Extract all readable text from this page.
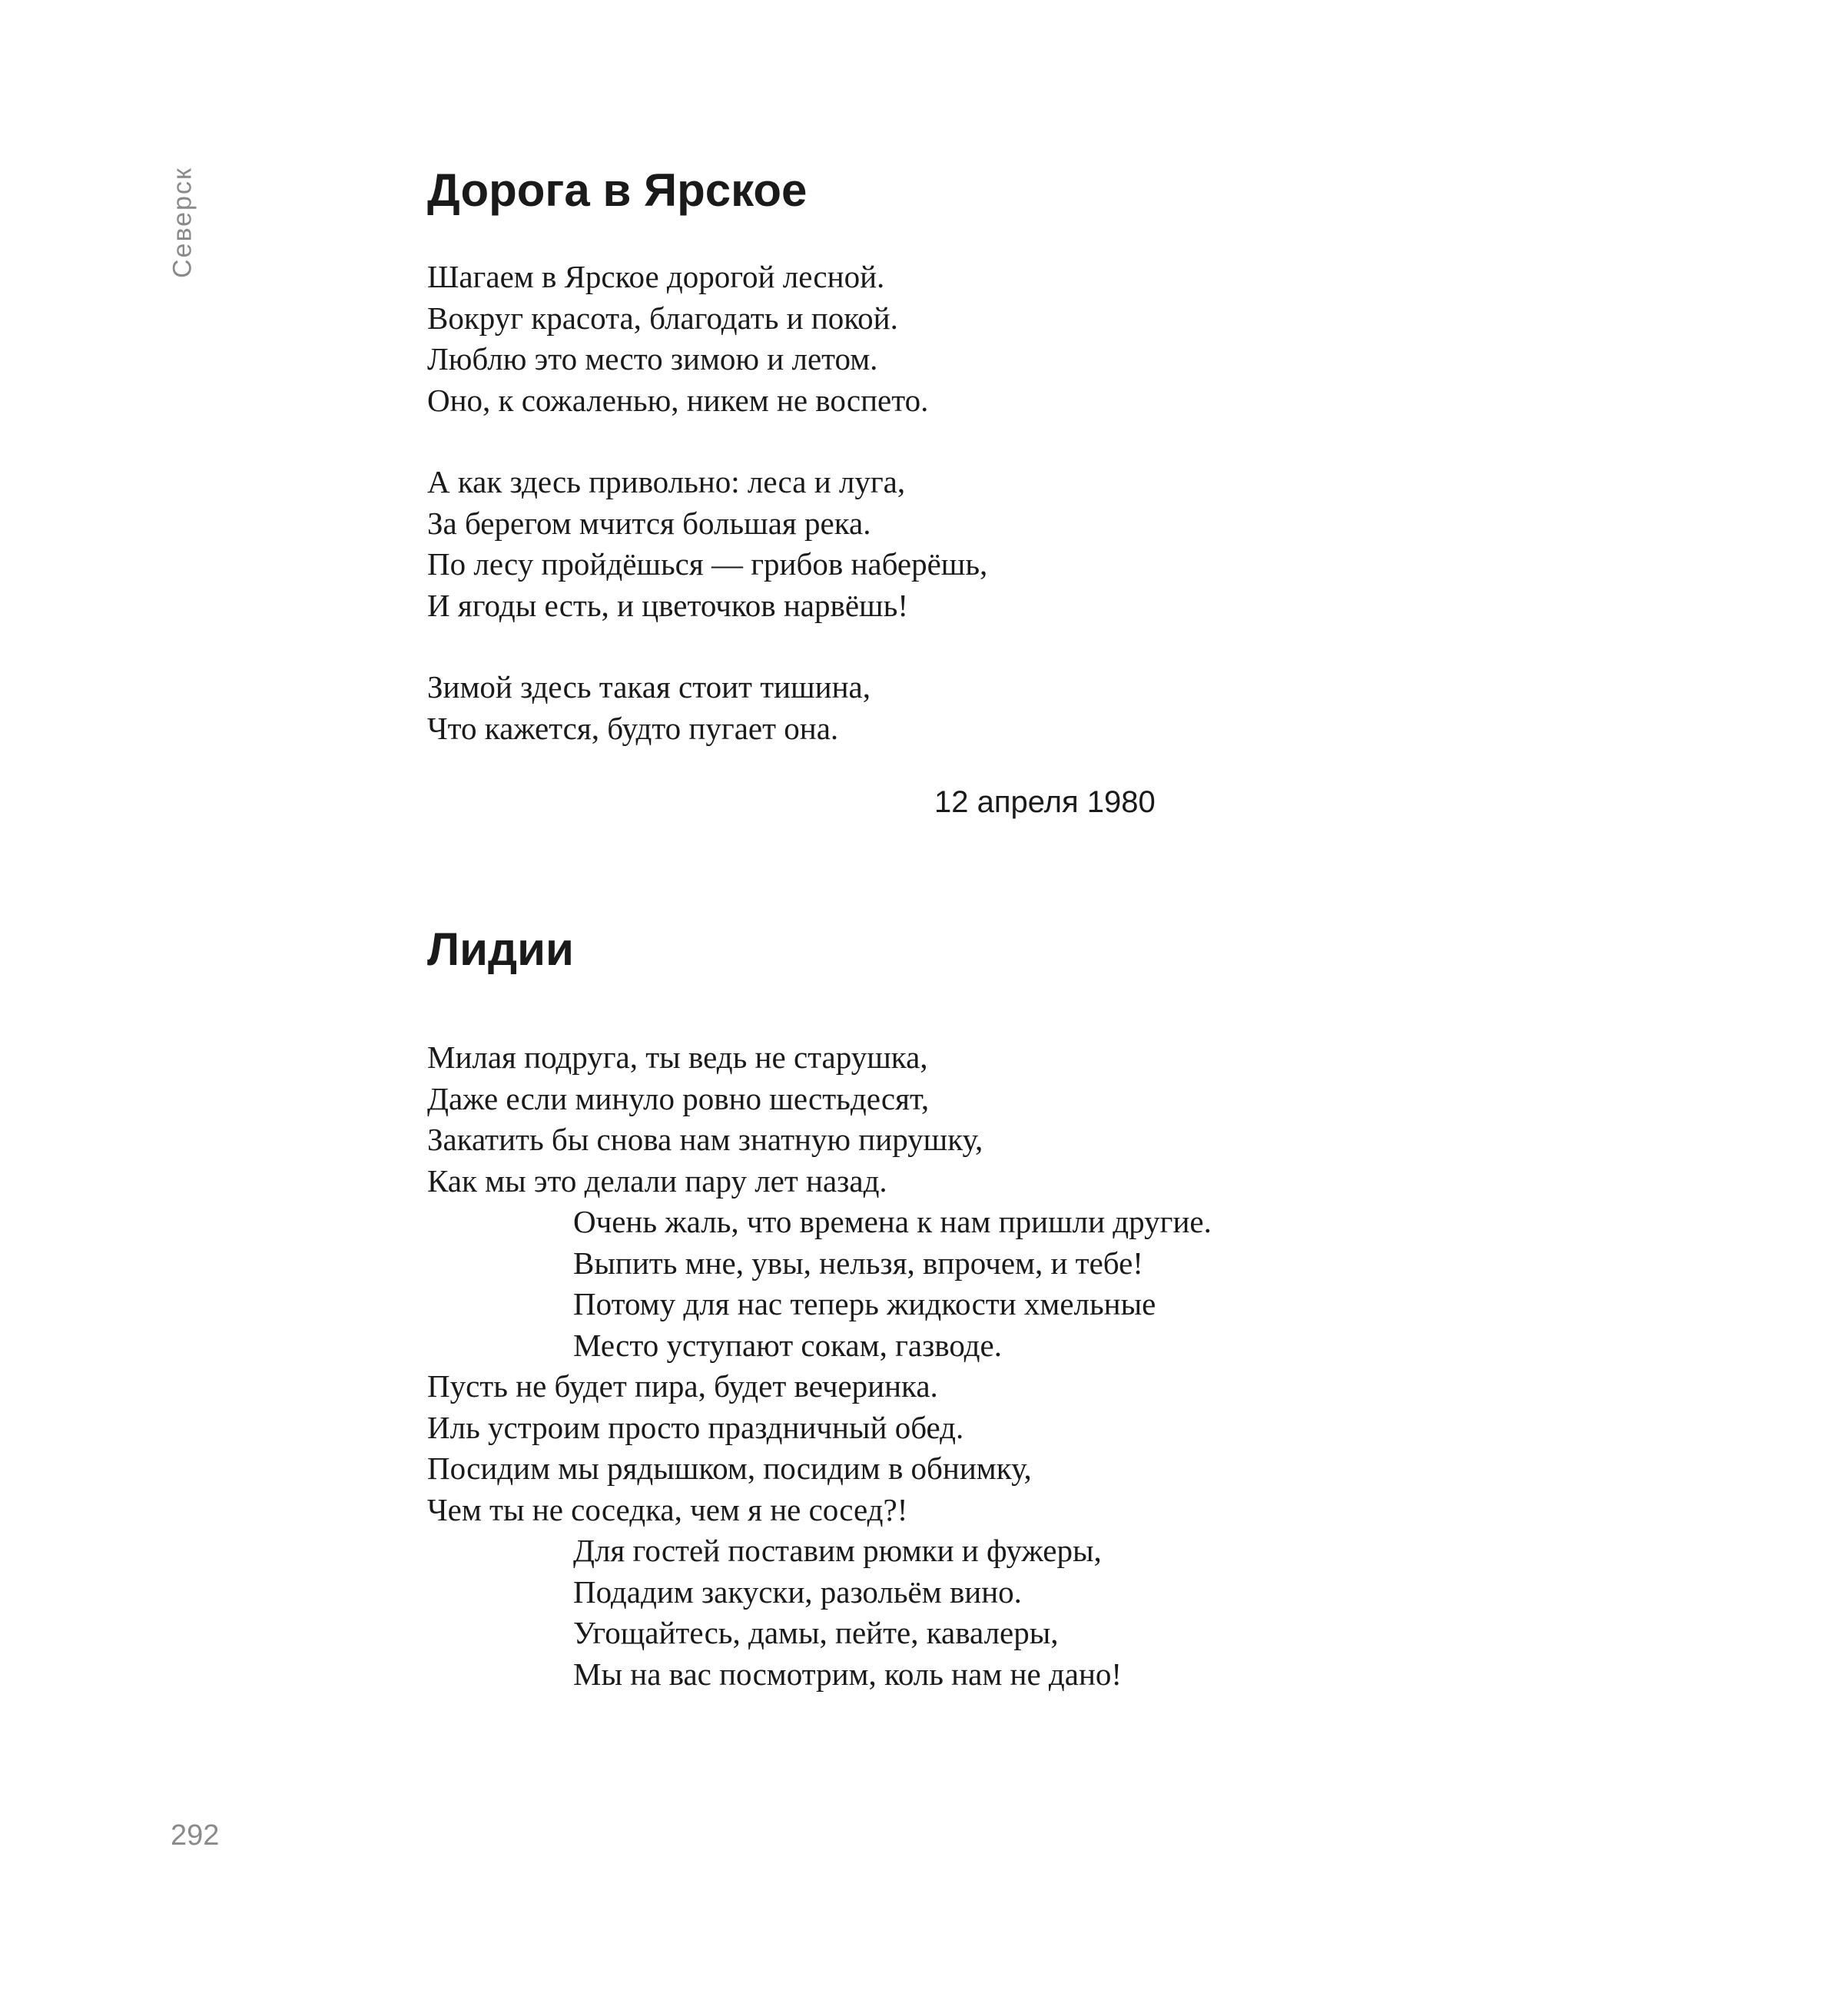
Северск	Дорога в Ярское
Шагаем в Ярское дорогой лесной.
Вокруг красота, благодать и покой.
Люблю это место зимою и летом.
Оно, к сожаленью, никем не воспето.
А как здесь привольно: леса и луга,
За берегом мчится большая река.
По лесу пройдёшься — грибов наберёшь,
И ягоды есть, и цветочков нарвёшь!
Зимой здесь такая стоит тишина,
Что кажется, будто пугает она.
12 апреля 1980
Лидии
Милая подруга, ты ведь не старушка,
Даже если минуло ровно шестьдесят,
Закатить бы снова нам знатную пирушку,
Как мы это делали пару лет назад.
Очень жаль, что времена к нам пришли другие.
Выпить мне, увы, нельзя, впрочем, и тебе!
Потому для нас теперь жидкости хмельные
Место уступают сокам, газводе.
Пусть не будет пира, будет вечеринка.
Иль устроим просто праздничный обед.
Посидим мы рядышком, посидим в обнимку,
Чем ты не соседка, чем я не сосед?!
Для гостей поставим рюмки и фужеры,
Подадим закуски, разольём вино.
Угощайтесь, дамы, пейте, кавалеры,
Мы на вас посмотрим, коль нам не дано!
292
